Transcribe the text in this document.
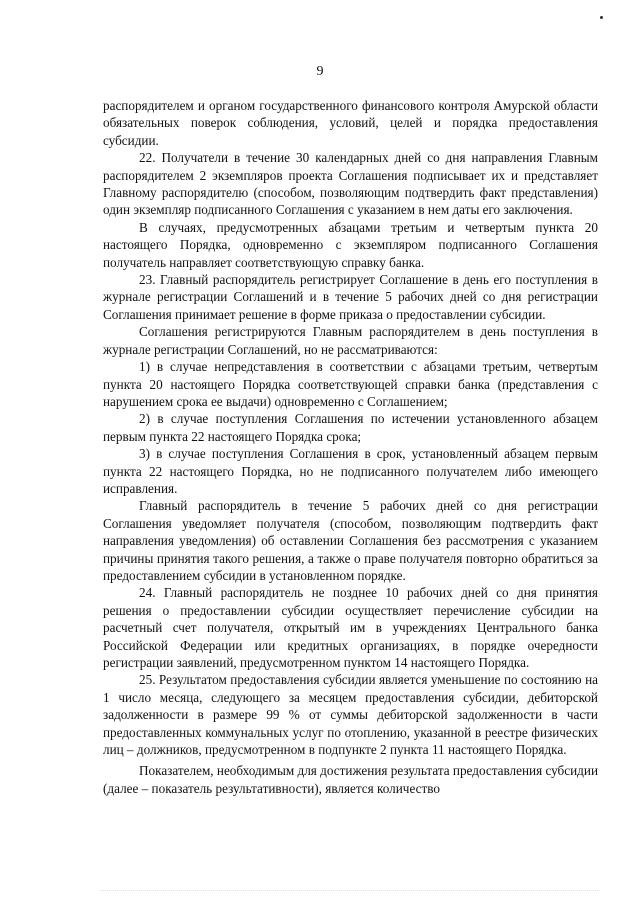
9

распорядителем и органом государственного финансового контроля Амурской области обязательных поверок соблюдения, условий, целей и порядка предоставления субсидии.

22. Получатели в течение 30 календарных дней со дня направления Главным распорядителем 2 экземпляров проекта Соглашения подписывает их и представляет Главному распорядителю (способом, позволяющим подтвердить факт представления) один экземпляр подписанного Соглашения с указанием в нем даты его заключения.

В случаях, предусмотренных абзацами третьим и четвертым пункта 20 настоящего Порядка, одновременно с экземпляром подписанного Соглашения получатель направляет соответствующую справку банка.

23. Главный распорядитель регистрирует Соглашение в день его поступления в журнале регистрации Соглашений и в течение 5 рабочих дней со дня регистрации Соглашения принимает решение в форме приказа о предоставлении субсидии.

Соглашения регистрируются Главным распорядителем в день поступления в журнале регистрации Соглашений, но не рассматриваются:

1) в случае непредставления в соответствии с абзацами третьим, четвертым пункта 20 настоящего Порядка соответствующей справки банка (представления с нарушением срока ее выдачи) одновременно с Соглашением;

2) в случае поступления Соглашения по истечении установленного абзацем первым пункта 22 настоящего Порядка срока;

3) в случае поступления Соглашения в срок, установленный абзацем первым пункта 22 настоящего Порядка, но не подписанного получателем либо имеющего исправления.

Главный распорядитель в течение 5 рабочих дней со дня регистрации Соглашения уведомляет получателя (способом, позволяющим подтвердить факт направления уведомления) об оставлении Соглашения без рассмотрения с указанием причины принятия такого решения, а также о праве получателя повторно обратиться за предоставлением субсидии в установленном порядке.

24. Главный распорядитель не позднее 10 рабочих дней со дня принятия решения о предоставлении субсидии осуществляет перечисление субсидии на расчетный счет получателя, открытый им в учреждениях Центрального банка Российской Федерации или кредитных организациях, в порядке очередности регистрации заявлений, предусмотренном пунктом 14 настоящего Порядка.

25. Результатом предоставления субсидии является уменьшение по состоянию на 1 число месяца, следующего за месяцем предоставления субсидии, дебиторской задолженности в размере 99 % от суммы дебиторской задолженности в части предоставленных коммунальных услуг по отоплению, указанной в реестре физических лиц – должников, предусмотренном в подпункте 2 пункта 11 настоящего Порядка.

Показателем, необходимым для достижения результата предоставления субсидии (далее – показатель результативности), является количество
